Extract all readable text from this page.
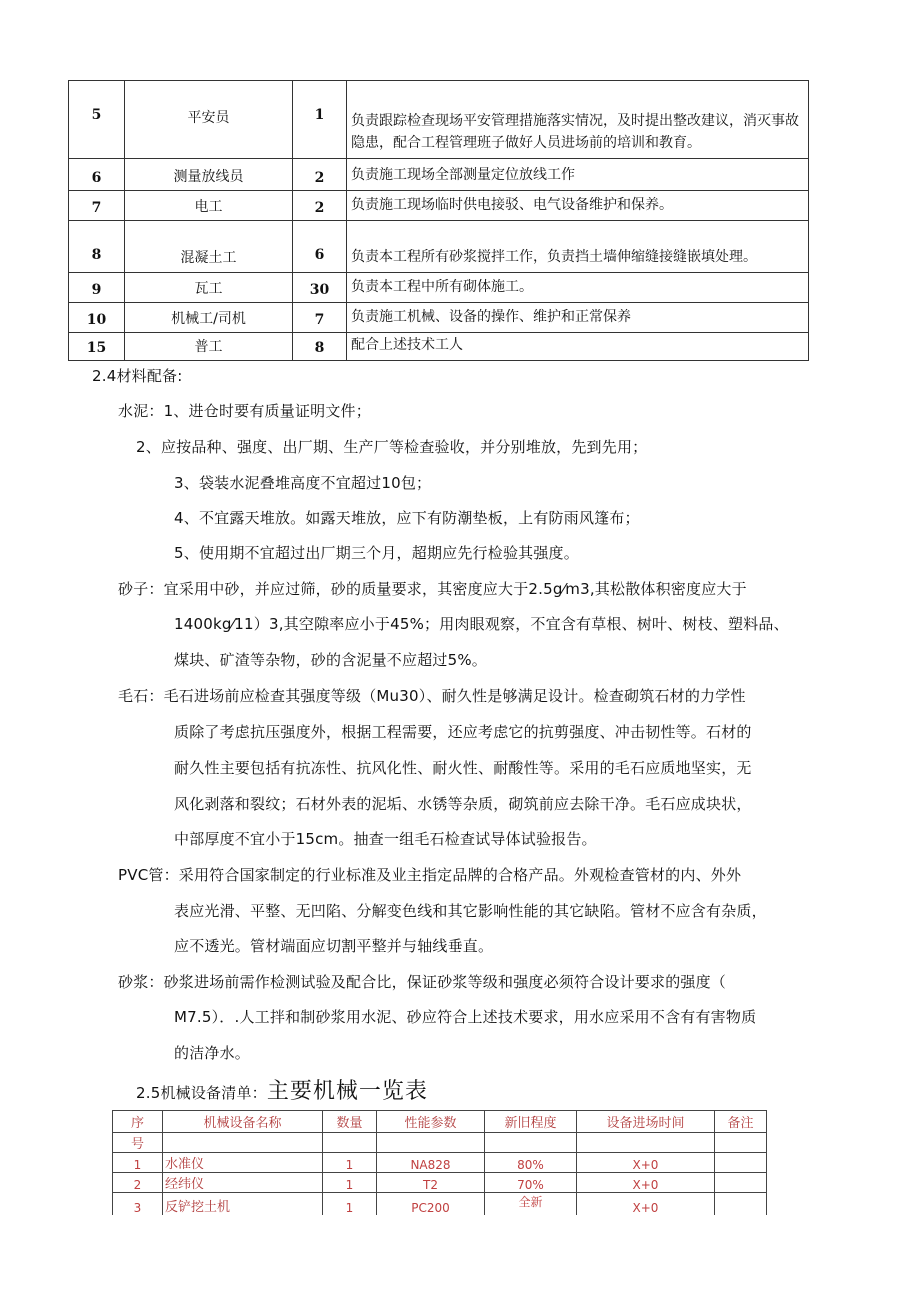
5	平安员	1	负责跟踪检查现场平安管理措施落实情况，及时提出整改建议，消灭事故隐患，配合工程管理班子做好人员进场前的培训和教育。
6	测量放线员	2	负责施工现场全部测量定位放线工作
7	电工	2	负责施工现场临时供电接驳、电气设备维护和保养。
8	混凝土工	6	负责本工程所有砂浆搅拌工作，负责挡土墙伸缩缝接缝嵌填处理。
9	瓦工	30	负责本工程中所有砌体施工。
10	机械工/司机	7	负责施工机械、设备的操作、维护和正常保养
15	普工	8	配合上述技术工人
2.4材料配备:
水泥：1、进仓时要有质量证明文件；
2、应按品种、强度、出厂期、生产厂等检查验收，并分别堆放，先到先用；
3、袋装水泥叠堆高度不宜超过10包；
4、不宜露天堆放。如露天堆放，应下有防潮垫板，上有防雨风篷布；
5、使用期不宜超过出厂期三个月，超期应先行检验其强度。
砂子：宜采用中砂，并应过筛，砂的质量要求，其密度应大于2.5g⁄m3,其松散体积密度应大于
1400kg⁄11）3,其空隙率应小于45%；用肉眼观察，不宜含有草根、树叶、树枝、塑料品、
煤块、矿渣等杂物，砂的含泥量不应超过5%。
毛石：毛石进场前应检查其强度等级（Mu30）、耐久性是够满足设计。检查砌筑石材的力学性
质除了考虑抗压强度外，根据工程需要，还应考虑它的抗剪强度、冲击韧性等。石材的
耐久性主要包括有抗冻性、抗风化性、耐火性、耐酸性等。采用的毛石应质地坚实，无
风化剥落和裂纹；石材外表的泥垢、水锈等杂质，砌筑前应去除干净。毛石应成块状，
中部厚度不宜小于15cm。抽查一组毛石检查试导体试验报告。
PVC管：采用符合国家制定的行业标准及业主指定品牌的合格产品。外观检查管材的内、外外
表应光滑、平整、无凹陷、分解变色线和其它影响性能的其它缺陷。管材不应含有杂质，
应不透光。管材端面应切割平整并与轴线垂直。
砂浆：砂浆进场前需作检测试验及配合比，保证砂浆等级和强度必须符合设计要求的强度（
M7.5）．.人工拌和制砂浆用水泥、砂应符合上述技术要求，用水应采用不含有有害物质
的洁净水。
2.5机械设备清单：主要机械一览表
序	机械设备名称	数量	性能参数	新旧程度	设备进场时间	备注
号						
1	水准仪	1	NA828	80%	X+0	
2	经纬仪	1	T2	70%	X+0	
3	反铲挖土机	1	PC200	全新	X+0	
